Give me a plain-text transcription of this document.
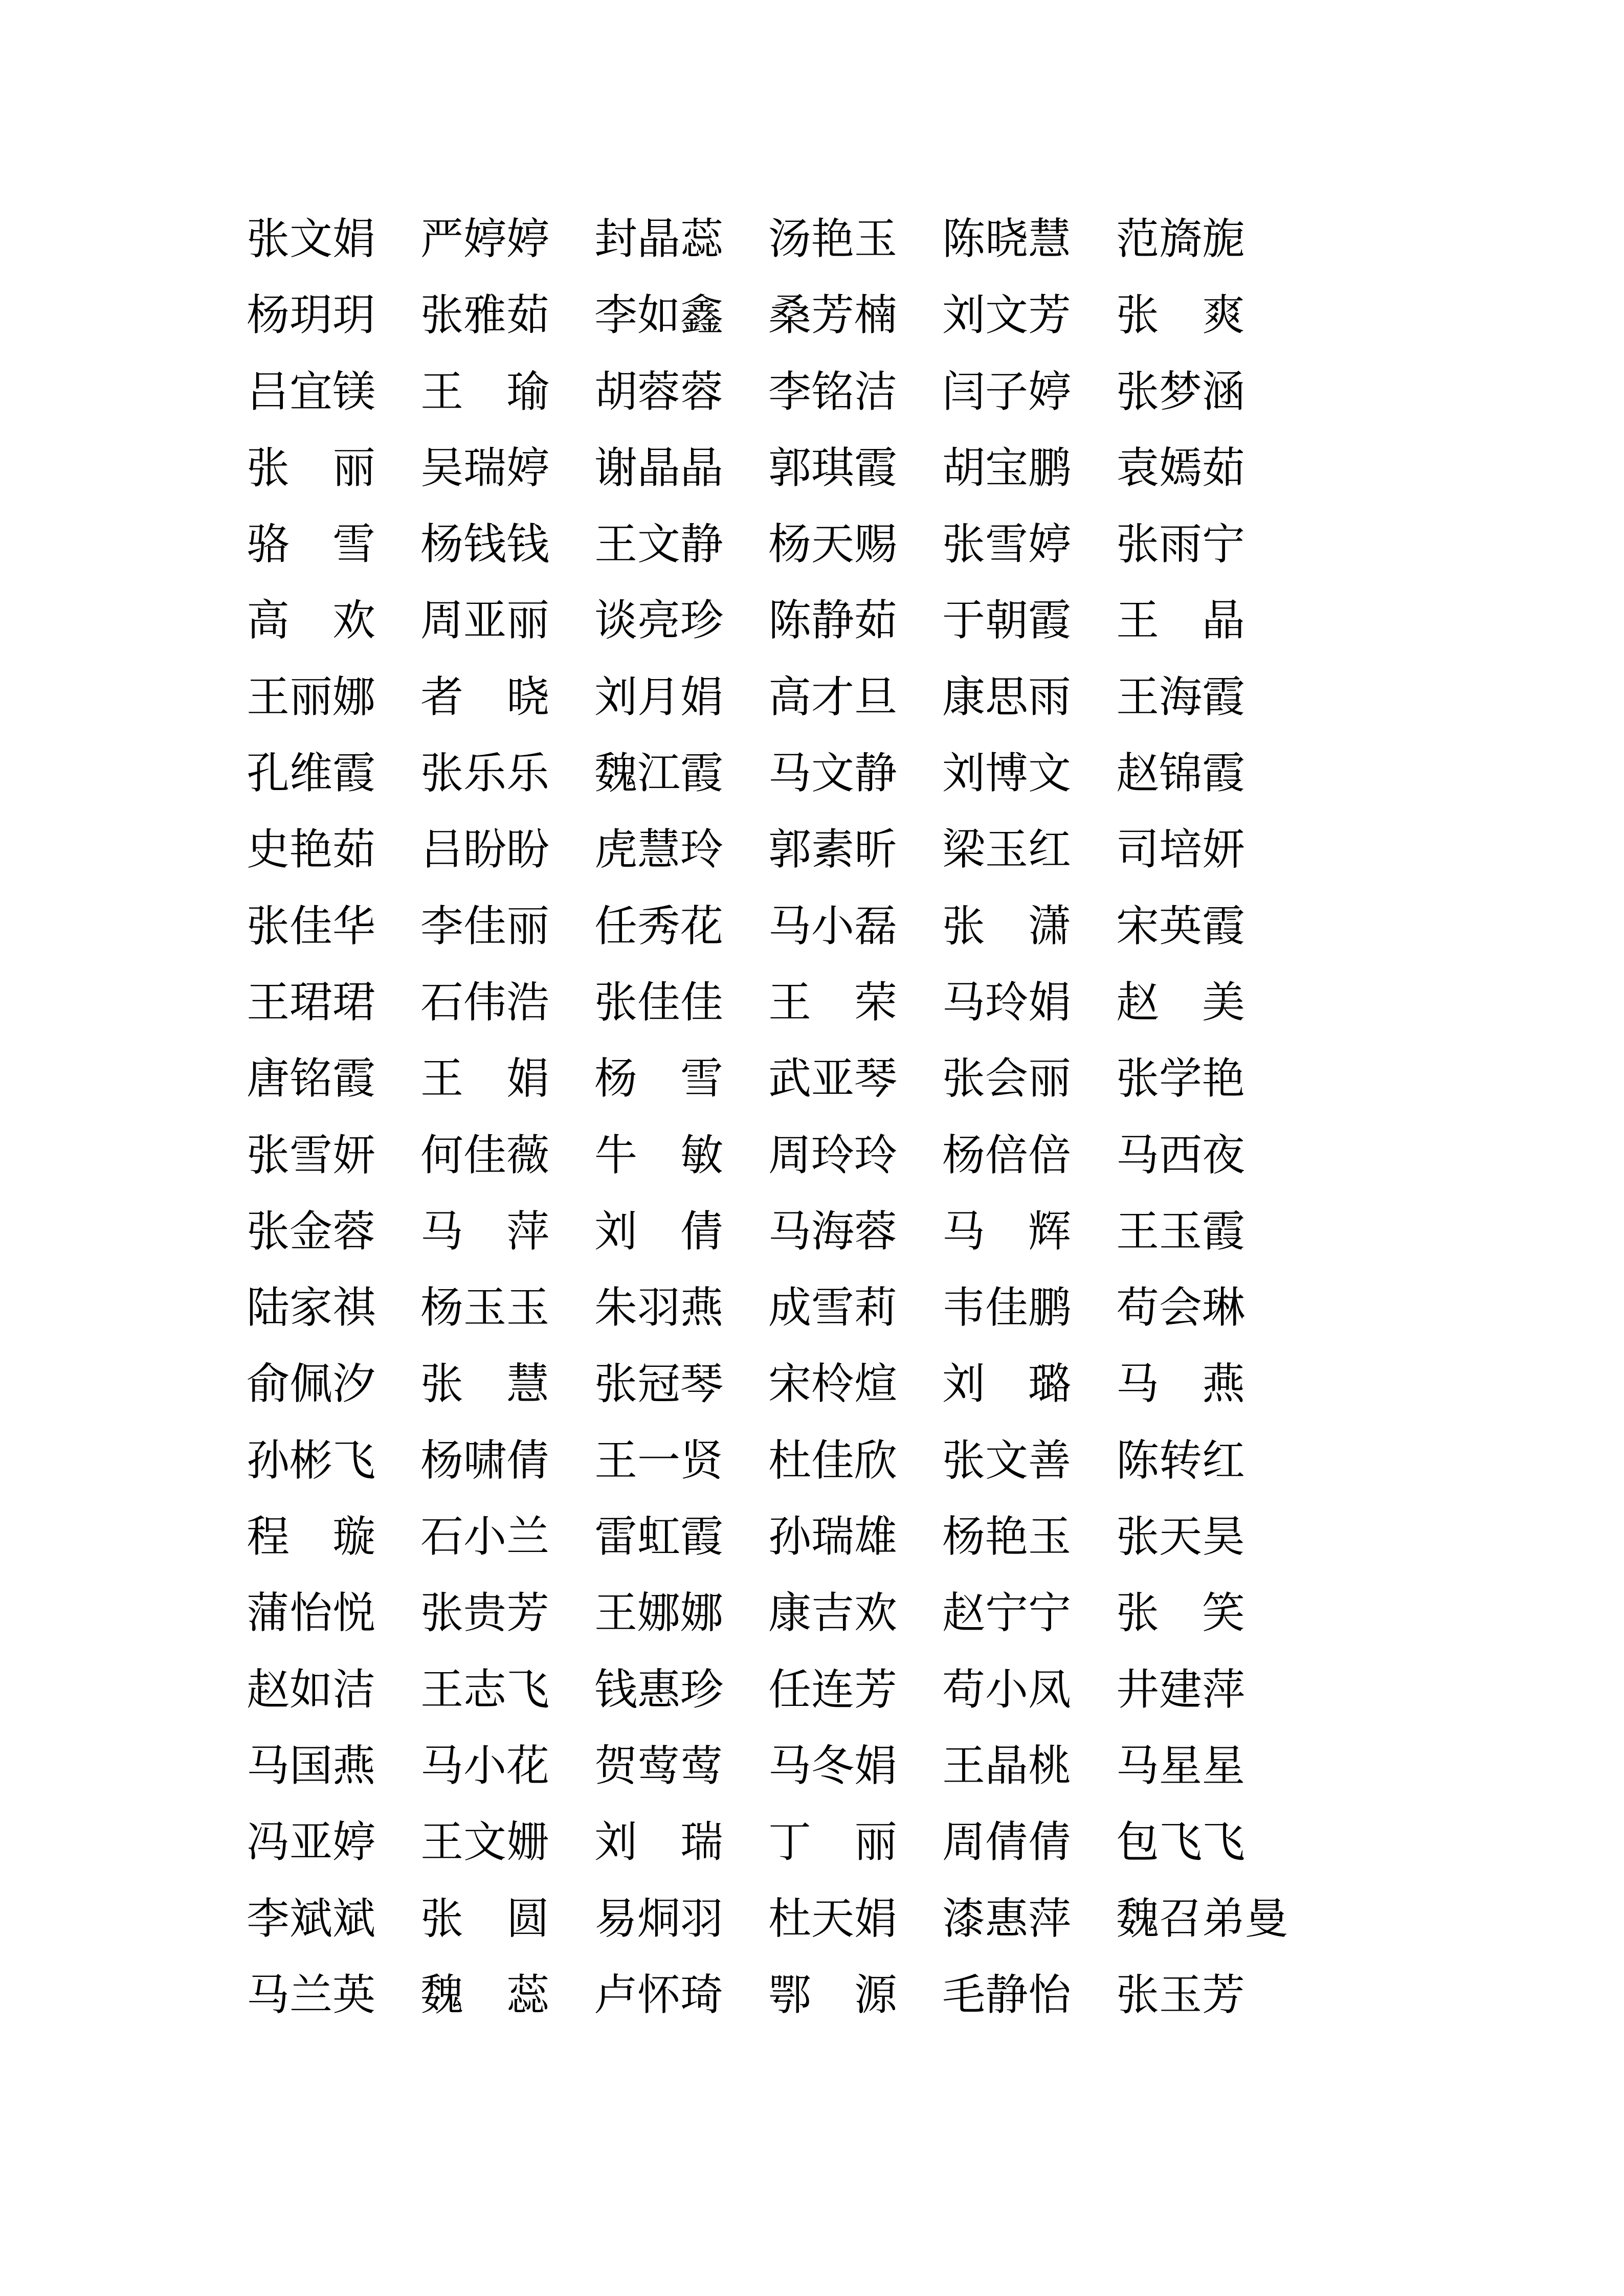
张 文 娟 严 婷 婷 封 晶 蕊 汤 艳 玉 陈 晓 慧 范 旖 旎
杨 玥 玥 张 雅 茹 李 如 鑫 桑 芳 楠 刘 文 芳 张 爽
吕 宜 镁 王 瑜 胡 蓉 蓉 李 铭 洁 闫 子 婷 张 梦 涵
张 丽 吴 瑞 婷 谢 晶 晶 郭 琪 霞 胡 宝 鹏 袁 嫣 茹
骆 雪 杨 钱 钱 王 文 静 杨 天 赐 张 雪 婷 张 雨 宁
高 欢 周 亚 丽 谈 亮 珍 陈 静 茹 于 朝 霞 王 晶
王 丽 娜 者 晓 刘 月 娟 高 才 旦 康 思 雨 王 海 霞
孔 维 霞 张 乐 乐 魏 江 霞 马 文 静 刘 博 文 赵 锦 霞
史 艳 茹 吕 盼 盼 虎 慧 玲 郭 素 昕 梁 玉 红 司 培 妍
张 佳 华 李 佳 丽 任 秀 花 马 小 磊 张 潇 宋 英 霞
王 珺 珺 石 伟 浩 张 佳 佳 王 荣 马 玲 娟 赵 美
唐 铭 霞 王 娟 杨 雪 武 亚 琴 张 会 丽 张 学 艳
张 雪 妍 何 佳 薇 牛 敏 周 玲 玲 杨 倍 倍 马 西 夜
张 金 蓉 马 萍 刘 倩 马 海 蓉 马 辉 王 玉 霞
陆 家 祺 杨 玉 玉 朱 羽 燕 成 雪 莉 韦 佳 鹏 苟 会 琳
俞 佩 汐 张 慧 张 冠 琴 宋 柃 煊 刘 璐 马 燕
孙 彬 飞 杨 啸 倩 王 一 贤 杜 佳 欣 张 文 善 陈 转 红
程 璇 石 小 兰 雷 虹 霞 孙 瑞 雄 杨 艳 玉 张 天 昊
蒲 怡 悦 张 贵 芳 王 娜 娜 康 吉 欢 赵 宁 宁 张 笑
赵 如 洁 王 志 飞 钱 惠 珍 任 连 芳 苟 小 凤 井 建 萍
马 国 燕 马 小 花 贺 莺 莺 马 冬 娟 王 晶 桃 马 星 星
冯 亚 婷 王 文 姗 刘 瑞 丁 丽 周 倩 倩 包 飞 飞
李 斌 斌 张 圆 易 烔 羽 杜 天 娟 漆 惠 萍 魏 召 弟 曼
马 兰 英 魏 蕊 卢 怀 琦 鄂 源 毛 静 怡 张 玉 芳
